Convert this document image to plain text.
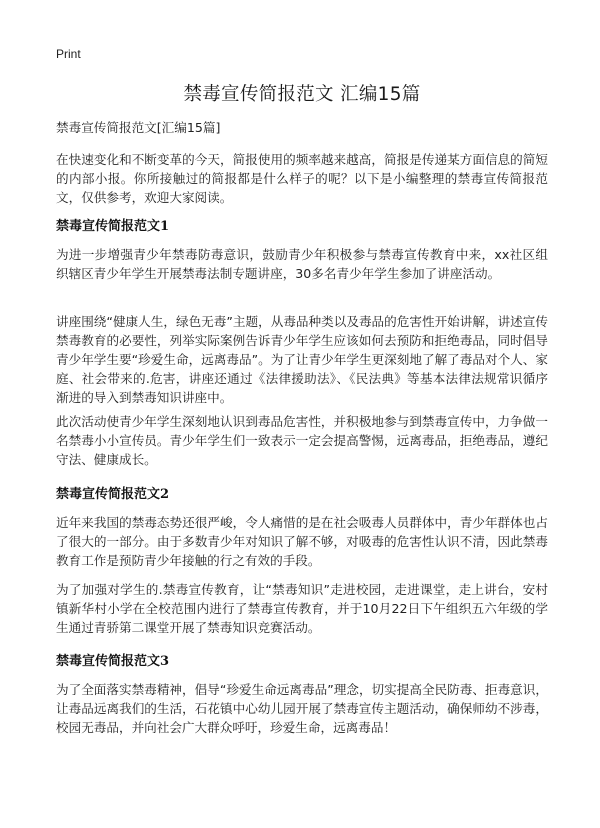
Print
禁毒宣传简报范文 汇编15篇
禁毒宣传简报范文[汇编15篇]
在快速变化和不断变革的今天，简报使用的频率越来越高，简报是传递某方面信息的简短的内部小报。你所接触过的简报都是什么样子的呢？以下是小编整理的禁毒宣传简报范文，仅供参考，欢迎大家阅读。
禁毒宣传简报范文1
为进一步增强青少年禁毒防毒意识，鼓励青少年积极参与禁毒宣传教育中来，xx社区组织辖区青少年学生开展禁毒法制专题讲座，30多名青少年学生参加了讲座活动。
讲座围绕“健康人生，绿色无毒”主题，从毒品种类以及毒品的危害性开始讲解，讲述宣传禁毒教育的必要性，列举实际案例告诉青少年学生应该如何去预防和拒绝毒品，同时倡导青少年学生要“珍爱生命，远离毒品”。为了让青少年学生更深刻地了解了毒品对个人、家庭、社会带来的.危害，讲座还通过《法律援助法》、《民法典》等基本法律法规常识循序渐进的导入到禁毒知识讲座中。
此次活动使青少年学生深刻地认识到毒品危害性，并积极地参与到禁毒宣传中，力争做一名禁毒小小宣传员。青少年学生们一致表示一定会提高警惕，远离毒品，拒绝毒品，遵纪守法、健康成长。
禁毒宣传简报范文2
近年来我国的禁毒态势还很严峻，令人痛惜的是在社会吸毒人员群体中，青少年群体也占了很大的一部分。由于多数青少年对知识了解不够，对吸毒的危害性认识不清，因此禁毒教育工作是预防青少年接触的行之有效的手段。
为了加强对学生的.禁毒宣传教育，让“禁毒知识”走进校园，走进课堂，走上讲台，安村镇新华村小学在全校范围内进行了禁毒宣传教育，并于10月22日下午组织五六年级的学生通过青骄第二课堂开展了禁毒知识竞赛活动。
禁毒宣传简报范文3
为了全面落实禁毒精神，倡导“珍爱生命远离毒品”理念，切实提高全民防毒、拒毒意识，让毒品远离我们的生活，石花镇中心幼儿园开展了禁毒宣传主题活动，确保师幼不涉毒，校园无毒品，并向社会广大群众呼吁，珍爱生命，远离毒品！
